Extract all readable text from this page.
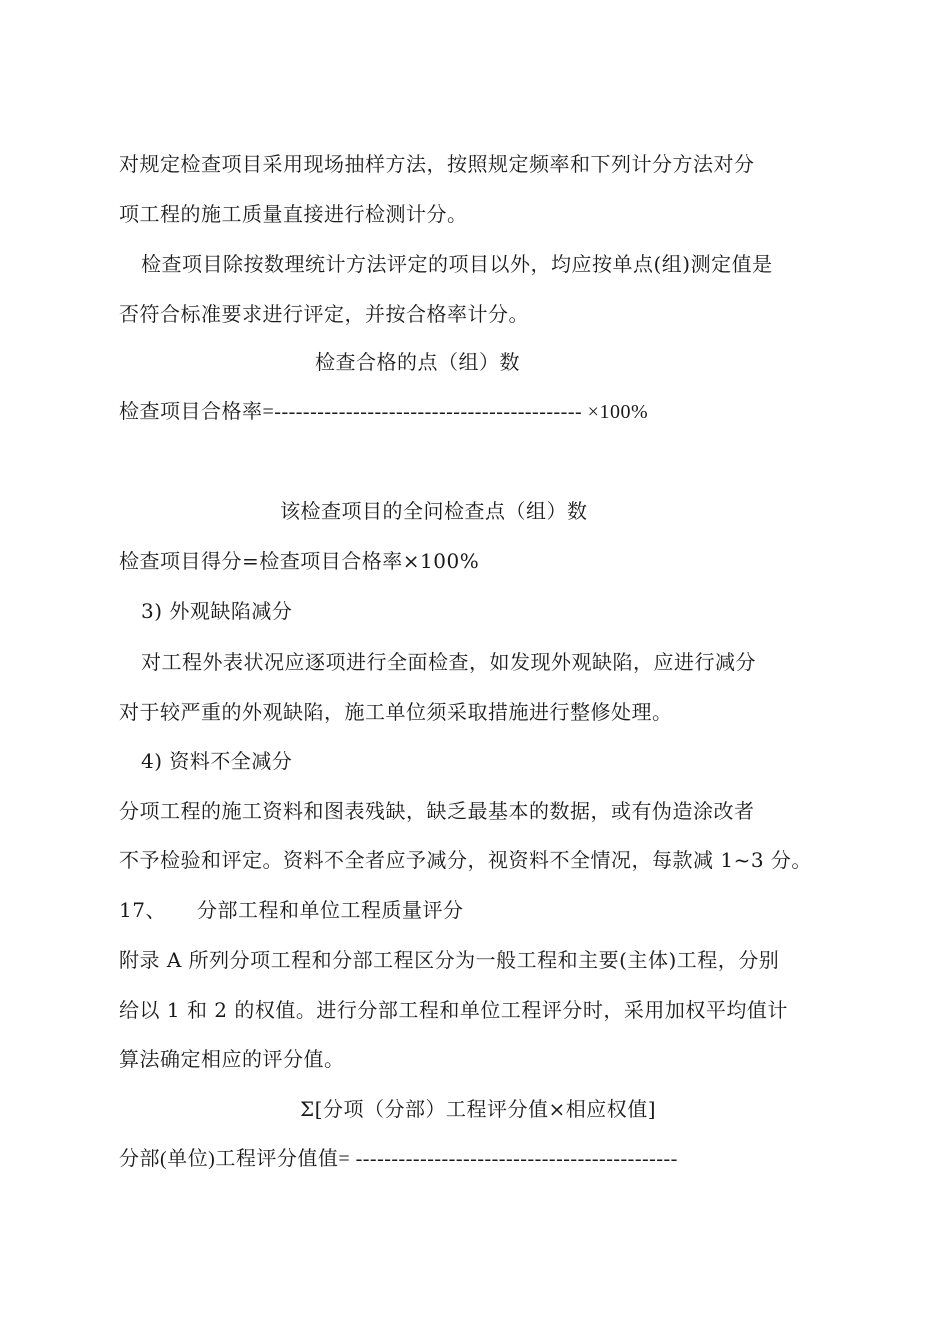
对规定检查项目采用现场抽样方法，按照规定频率和下列计分方法对分
项工程的施工质量直接进行检测计分。
检查项目除按数理统计方法评定的项目以外，均应按单点(组)测定值是
否符合标准要求进行评定，并按合格率计分。
检查合格的点（组）数
检查项目合格率=------------------------------------------- ×100%
该检查项目的全问检查点（组）数
检查项目得分=检查项目合格率×100%
3) 外观缺陷减分
对工程外表状况应逐项进行全面检查，如发现外观缺陷，应进行减分
对于较严重的外观缺陷，施工单位须采取措施进行整修处理。
4) 资料不全减分
分项工程的施工资料和图表残缺，缺乏最基本的数据，或有伪造涂改者
不予检验和评定。资料不全者应予减分，视资料不全情况，每款减 1~3 分。
17、　　分部工程和单位工程质量评分
附录 A 所列分项工程和分部工程区分为一般工程和主要(主体)工程，分别
给以 1 和 2 的权值。进行分部工程和单位工程评分时，采用加权平均值计
算法确定相应的评分值。
Σ[分项（分部）工程评分值×相应权值]
分部(单位)工程评分值值= ---------------------------------------------
